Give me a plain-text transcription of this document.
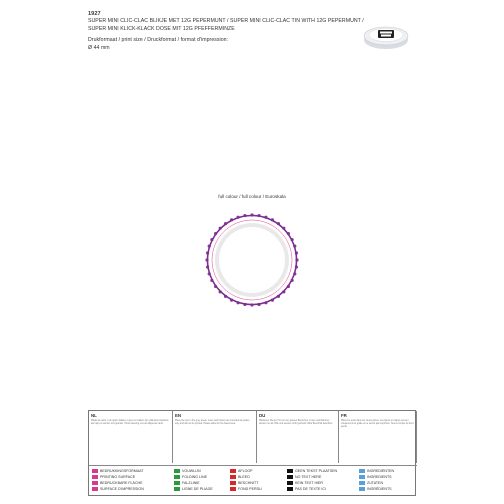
1927
SUPER MINI CLIC-CLAC BLIKJE MET 12G PEPERMUNT / SUPER MINI CLIC-CLAC TIN WITH 12G PEPERMUNT /
SUPER MINI KLICK-KLACK DOSE MIT 12G PFEFFERMINZE
Drukformaat / print size / Druckformat / format d'impression:
Ø 44 mm
full colour / full colour / Euroskala
NL
Plaats de tekst in de grijze vlakken. Lijnen en kaders zijn uitsluitend bedoeld als hulp en worden niet gedrukt. Houd rekening met de aflopende rand.
EN
Place the text in the grey areas. Lines and frames are intended as guides only and will not be printed. Please allow for the bleed area.
DU
Platzieren Sie den Text in den grauen Bereichen. Linien und Rahmen dienen nur als Hilfe und werden nicht gedruckt. Bitte Beschnitt beachten.
FR
Placez le texte dans les zones grises. Les lignes et cadres servent uniquement de guide et ne seront pas imprimés. Tenez compte du fond perdu.
BEDRUKKINGSFORMAAT
PRINTING SURFACE
BEDRUCKBARE FLÄCHE
SURFACE D'IMPRESSION
VOUWLIJN
FOLDING LINE
FALZLINIE
LIGNE DE PLIAGE
AFLOOP
BLEED
BESCHNITT
FOND PERDU
GEEN TEKST PLAATSEN
NO TEXT HERE
KEIN TEXT HIER
PAS DE TEXTE ICI
INGREDIËNTEN
INGREDIENTS
ZUTATEN
INGRÉDIENTS
